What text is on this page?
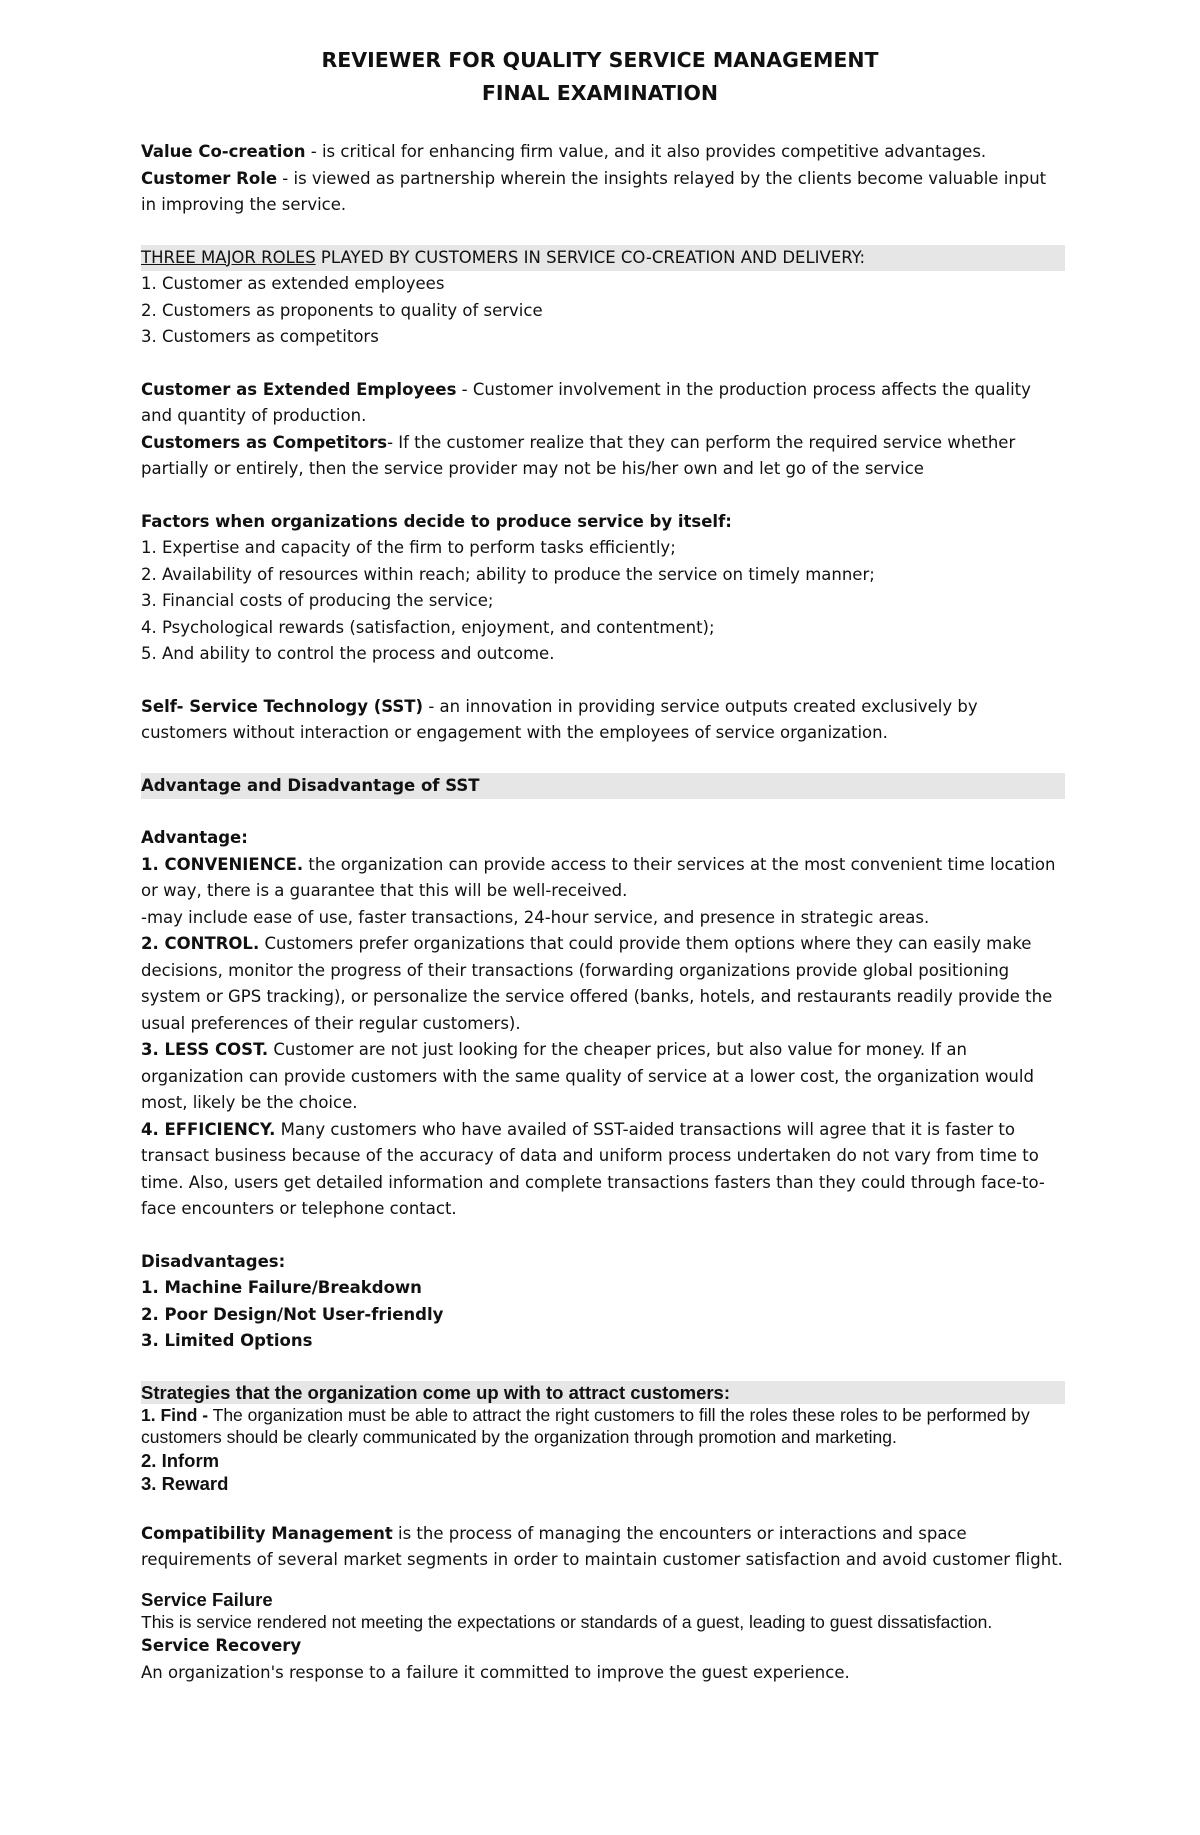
REVIEWER FOR QUALITY SERVICE MANAGEMENT
FINAL EXAMINATION

Value Co-creation - is critical for enhancing firm value, and it also provides competitive advantages.

Customer Role - is viewed as partnership wherein the insights relayed by the clients become valuable input in improving the service.

THREE MAJOR ROLES PLAYED BY CUSTOMERS IN SERVICE CO-CREATION AND DELIVERY:

1. Customer as extended employees

2. Customers as proponents to quality of service

3. Customers as competitors

Customer as Extended Employees - Customer involvement in the production process affects the quality and quantity of production.

Customers as Competitors- If the customer realize that they can perform the required service whether partially or entirely, then the service provider may not be his/her own and let go of the service

Factors when organizations decide to produce service by itself:

1. Expertise and capacity of the firm to perform tasks efficiently;

2. Availability of resources within reach; ability to produce the service on timely manner;

3. Financial costs of producing the service;

4. Psychological rewards (satisfaction, enjoyment, and contentment);

5. And ability to control the process and outcome.

Self- Service Technology (SST) - an innovation in providing service outputs created exclusively by customers without interaction or engagement with the employees of service organization.

Advantage and Disadvantage of SST

Advantage:

1. CONVENIENCE. the organization can provide access to their services at the most convenient time location or way, there is a guarantee that this will be well-received.

-may include ease of use, faster transactions, 24-hour service, and presence in strategic areas.

2. CONTROL. Customers prefer organizations that could provide them options where they can easily make decisions, monitor the progress of their transactions (forwarding organizations provide global positioning system or GPS tracking), or personalize the service offered (banks, hotels, and restaurants readily provide the usual preferences of their regular customers).

3. LESS COST. Customer are not just looking for the cheaper prices, but also value for money. If an organization can provide customers with the same quality of service at a lower cost, the organization would most, likely be the choice.

4. EFFICIENCY. Many customers who have availed of SST-aided transactions will agree that it is faster to transact business because of the accuracy of data and uniform process undertaken do not vary from time to time. Also, users get detailed information and complete transactions fasters than they could through face-to-face encounters or telephone contact.

Disadvantages:

1. Machine Failure/Breakdown

2. Poor Design/Not User-friendly

3. Limited Options

Strategies that the organization come up with to attract customers:

1. Find - The organization must be able to attract the right customers to fill the roles these roles to be performed by customers should be clearly communicated by the organization through promotion and marketing.

2. Inform

3. Reward

Compatibility Management is the process of managing the encounters or interactions and space requirements of several market segments in order to maintain customer satisfaction and avoid customer flight.

Service Failure

This is service rendered not meeting the expectations or standards of a guest, leading to guest dissatisfaction.

Service Recovery

An organization's response to a failure it committed to improve the guest experience.
